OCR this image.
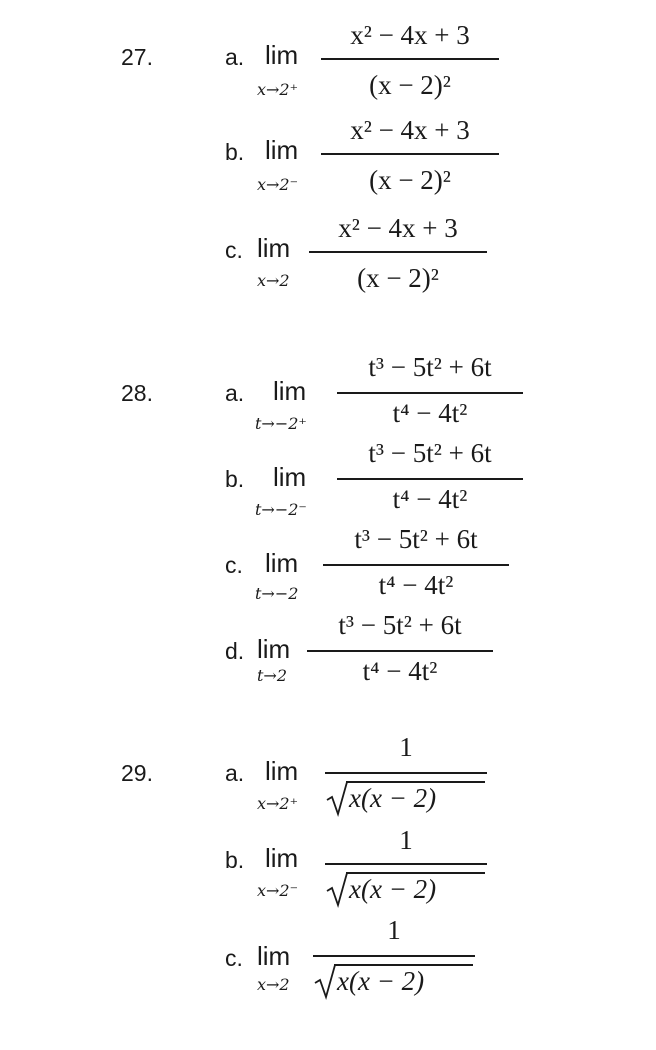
27.	a. lim
x→2⁺
x² − 4x + 3
(x − 2)²
b. lim
x→2⁻
x² − 4x + 3
(x − 2)²
c. lim
x→2
x² − 4x + 3
(x − 2)²
28.	a. lim
t→−2⁺
t³ − 5t² + 6t
t⁴ − 4t²
b. lim
t→−2⁻
t³ − 5t² + 6t
t⁴ − 4t²
c. lim
t→−2
t³ − 5t² + 6t
t⁴ − 4t²
d. lim
t→2
t³ − 5t² + 6t
t⁴ − 4t²
29.	a. lim
x→2⁺
1
x(x − 2)
b. lim
x→2⁻
1
x(x − 2)
c. lim
x→2
1
x(x − 2)
